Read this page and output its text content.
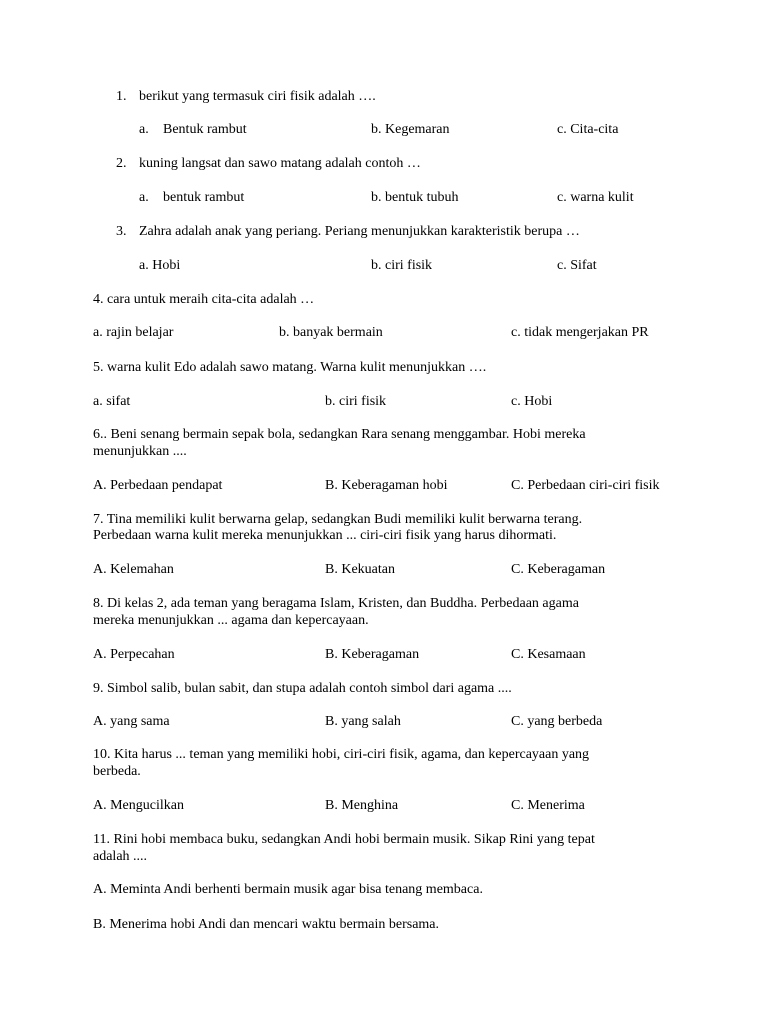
1. berikut yang termasuk ciri fisik adalah ….
a. Bentuk rambut	b. Kegemaran	c. Cita-cita
2. kuning langsat dan sawo matang adalah contoh …
a. bentuk rambut	b. bentuk tubuh	c. warna kulit
3. Zahra adalah anak yang periang. Periang menunjukkan karakteristik berupa …
a. Hobi	b. ciri fisik	c. Sifat
4. cara untuk meraih cita-cita adalah …
a. rajin belajar	b. banyak bermain	c. tidak mengerjakan PR
5. warna kulit Edo adalah sawo matang. Warna kulit menunjukkan ….
a. sifat	b. ciri fisik	c. Hobi
6.. Beni senang bermain sepak bola, sedangkan Rara senang menggambar. Hobi mereka
menunjukkan ....
A. Perbedaan pendapat	B. Keberagaman hobi	C. Perbedaan ciri-ciri fisik
7. Tina memiliki kulit berwarna gelap, sedangkan Budi memiliki kulit berwarna terang.
Perbedaan warna kulit mereka menunjukkan ... ciri-ciri fisik yang harus dihormati.
A. Kelemahan	B. Kekuatan	C. Keberagaman
8. Di kelas 2, ada teman yang beragama Islam, Kristen, dan Buddha. Perbedaan agama
mereka menunjukkan ... agama dan kepercayaan.
A. Perpecahan	B. Keberagaman	C. Kesamaan
9. Simbol salib, bulan sabit, dan stupa adalah contoh simbol dari agama ....
A. yang sama	B. yang salah	C. yang berbeda
10. Kita harus ... teman yang memiliki hobi, ciri-ciri fisik, agama, dan kepercayaan yang
berbeda.
A. Mengucilkan	B. Menghina	C. Menerima
11. Rini hobi membaca buku, sedangkan Andi hobi bermain musik. Sikap Rini yang tepat
adalah ....
A. Meminta Andi berhenti bermain musik agar bisa tenang membaca.
B. Menerima hobi Andi dan mencari waktu bermain bersama.
